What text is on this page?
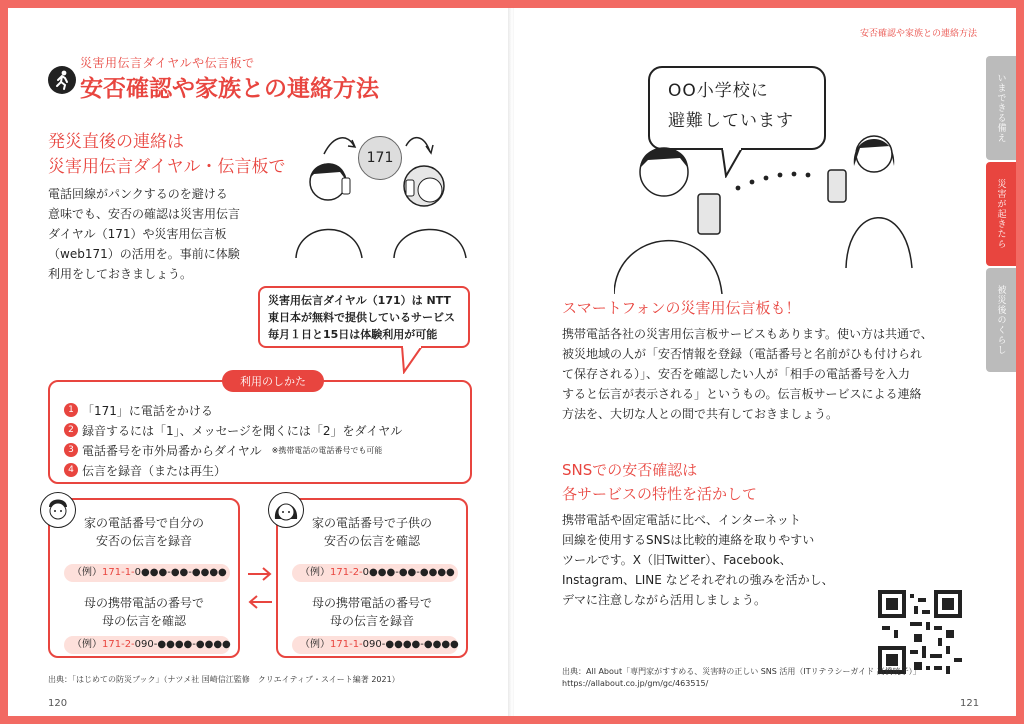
災害用伝言ダイヤルや伝言板で
安否確認や家族との連絡方法
発災直後の連絡は
災害用伝言ダイヤル・伝言板で
電話回線がパンクするのを避ける
意味でも、安否の確認は災害用伝言
ダイヤル（171）や災害用伝言板
（web171）の活用を。事前に体験
利用をしておきましょう。
171
災害用伝言ダイヤル（171）は NTT
東日本が無料で提供しているサービス
毎月１日と15日は体験利用が可能
利用のしかた
1 「171」に電話をかける
2 録音するには「1」、メッセージを聞くには「2」をダイヤル
3 電話番号を市外局番からダイヤル ※携帯電話の電話番号でも可能
4 伝言を録音（または再生）
家の電話番号で自分の
安否の伝言を録音
（例）171-1-0●●●-●●-●●●●
母の携帯電話の番号で
母の伝言を確認
（例）171-2-090-●●●●-●●●●
家の電話番号で子供の
安否の伝言を確認
（例）171-2-0●●●-●●-●●●●
母の携帯電話の番号で
母の伝言を録音
（例）171-1-090-●●●●-●●●●
出典：「はじめての防災ブック」（ナツメ社 国崎信江監修　クリエイティブ・スイート編著 2021）
120
安否確認や家族との連絡方法
いまできる備え
災害が起きたら
被災後のくらし
OO小学校に
避難しています
スマートフォンの災害用伝言板も！
携帯電話各社の災害用伝言板サービスもあります。使い方は共通で、
被災地域の人が「安否情報を登録（電話番号と名前がひも付けられ
て保存される）」、安否を確認したい人が「相手の電話番号を入力
すると伝言が表示される」というもの。伝言板サービスによる連絡
方法を、大切な人との間で共有しておきましょう。
SNSでの安否確認は
各サービスの特性を活かして
携帯電話や固定電話に比べ、インターネット
回線を使用するSNSは比較的連絡を取りやすい
ツールです。X（旧Twitter）、Facebook、
Instagram、LINE などそれぞれの強みを活かし、
デマに注意しながら活用しましょう。
出典：All About「専門家がすすめる、災害時の正しい SNS 活用（ITリテラシーガイド 高橋暁子）」
https://allabout.co.jp/gm/gc/463515/
121
